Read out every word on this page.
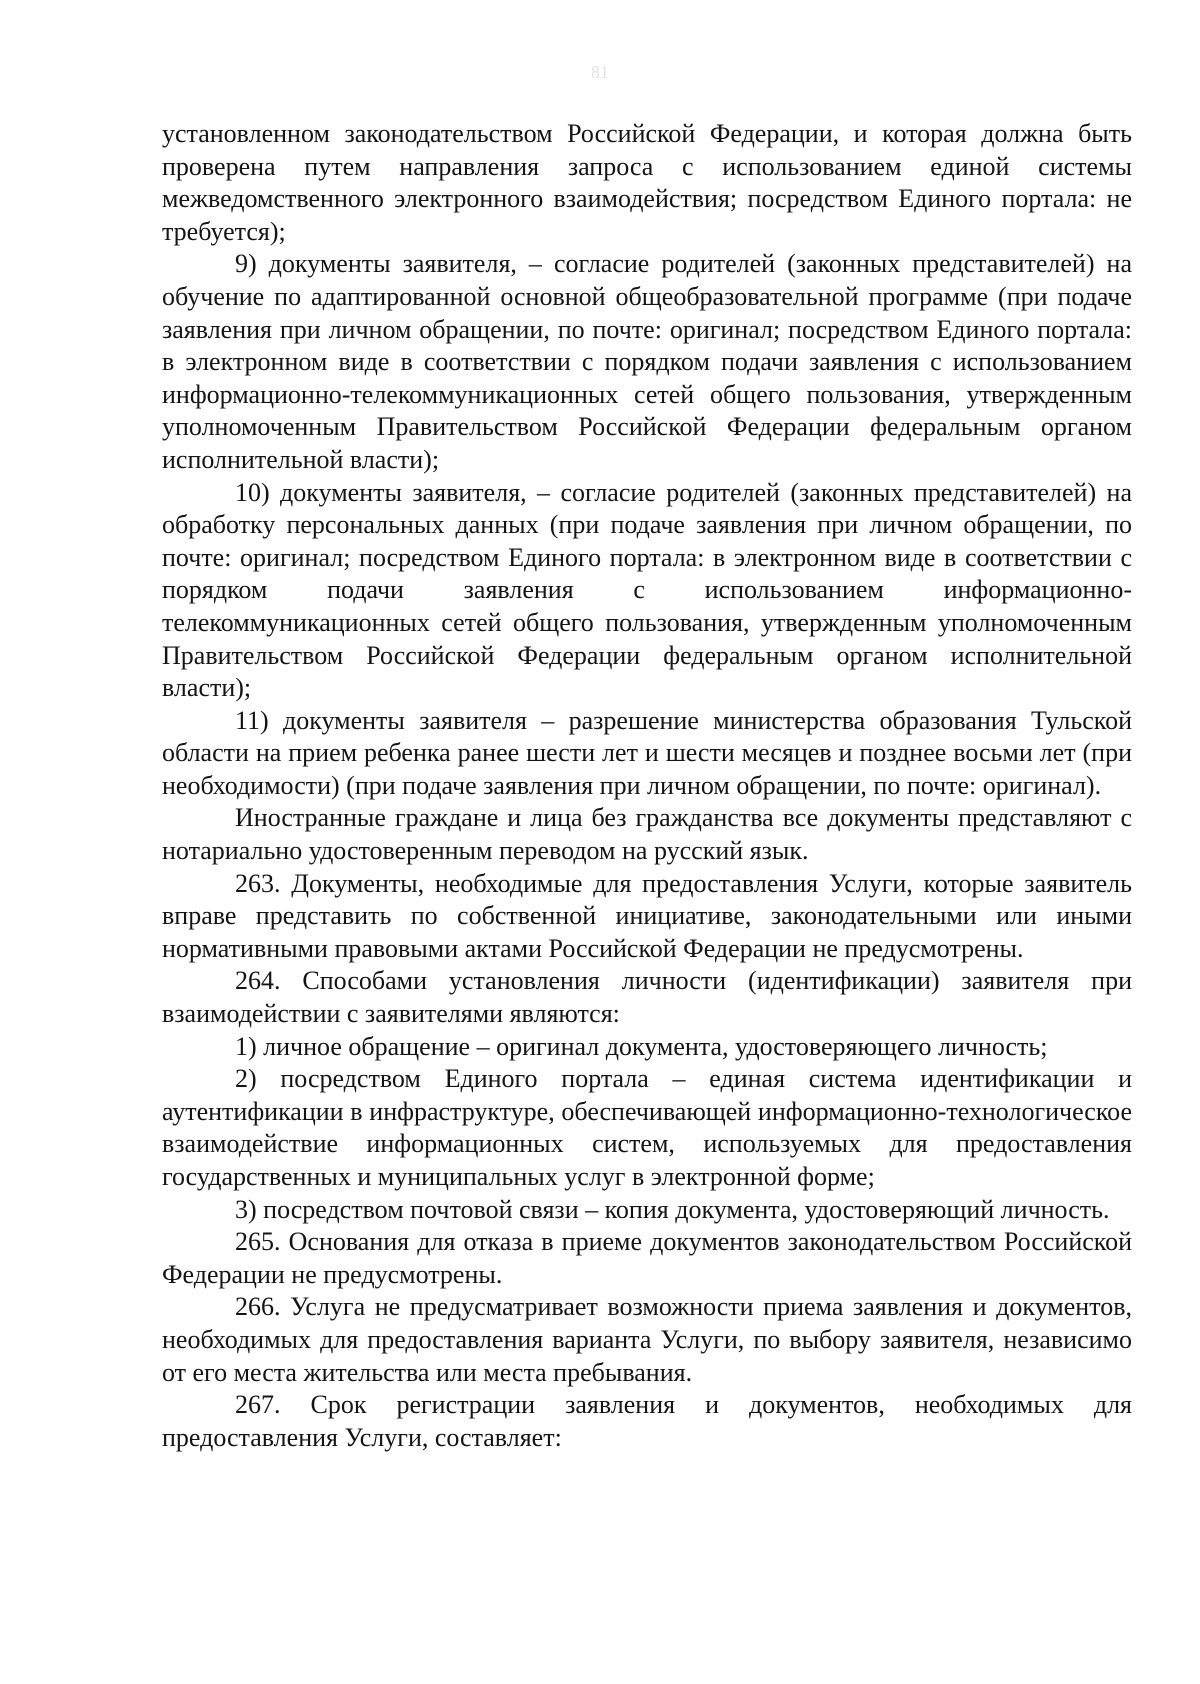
81

установленном законодательством Российской Федерации, и которая должна быть проверена путем направления запроса с использованием единой системы межведомственного электронного взаимодействия; посредством Единого портала: не требуется);

9) документы заявителя, – согласие родителей (законных представителей) на обучение по адаптированной основной общеобразовательной программе (при подаче заявления при личном обращении, по почте: оригинал; посредством Единого портала: в электронном виде в соответствии с порядком подачи заявления с использованием информационно-телекоммуникационных сетей общего пользования, утвержденным уполномоченным Правительством Российской Федерации федеральным органом исполнительной власти);

10) документы заявителя, – согласие родителей (законных представителей) на обработку персональных данных (при подаче заявления при личном обращении, по почте: оригинал; посредством Единого портала: в электронном виде в соответствии с порядком подачи заявления с использованием информационно-телекоммуникационных сетей общего пользования, утвержденным уполномоченным Правительством Российской Федерации федеральным органом исполнительной власти);

11) документы заявителя – разрешение министерства образования Тульской области на прием ребенка ранее шести лет и шести месяцев и позднее восьми лет (при необходимости) (при подаче заявления при личном обращении, по почте: оригинал).

Иностранные граждане и лица без гражданства все документы представляют с нотариально удостоверенным переводом на русский язык.

263. Документы, необходимые для предоставления Услуги, которые заявитель вправе представить по собственной инициативе, законодательными или иными нормативными правовыми актами Российской Федерации не предусмотрены.

264. Способами установления личности (идентификации) заявителя при взаимодействии с заявителями являются:

1) личное обращение – оригинал документа, удостоверяющего личность;

2) посредством Единого портала – единая система идентификации и аутентификации в инфраструктуре, обеспечивающей информационно-технологическое взаимодействие информационных систем, используемых для предоставления государственных и муниципальных услуг в электронной форме;

3) посредством почтовой связи – копия документа, удостоверяющий личность.

265. Основания для отказа в приеме документов законодательством Российской Федерации не предусмотрены.

266. Услуга не предусматривает возможности приема заявления и документов, необходимых для предоставления варианта Услуги, по выбору заявителя, независимо от его места жительства или места пребывания.

267. Срок регистрации заявления и документов, необходимых для предоставления Услуги, составляет:
